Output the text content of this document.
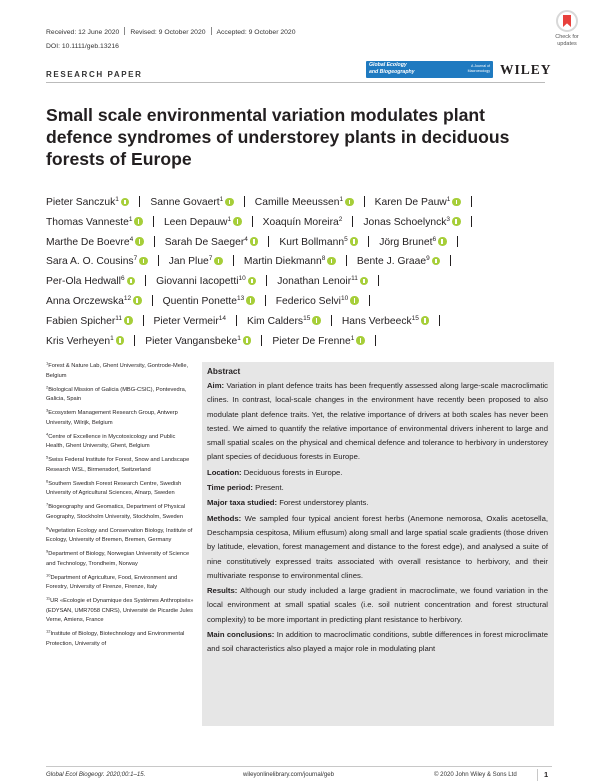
Received: 12 June 2020 Revised: 9 October 2020 Accepted: 9 October 2020
DOI: 10.1111/geb.13216
Check for
updates
RESEARCH PAPER
Global Ecology
and Biogeography
A Journal of
Macroecology WILEY
Small scale environmental variation modulates plant defence syndromes of understorey plants in deciduous forests of Europe
Pieter Sanczuk$^1$	Sanne Govaert$^1$	Camille Meeussen$^1$	Karen De Pauw$^1$
Thomas Vanneste$^1$	Leen Depauw$^1$	Xoaquín Moreira$^2$ Jonas Schoelynck$^3$
Marthe De Boevre$^4$	Sarah De Saeger$^4$	Kurt Bollmann$^5$	Jörg Brunet$^6$
Sara A. O. Cousins$^7$	Jan Plue$^7$	Martin Diekmann$^8$	Bente J. Graae$^9$
Per-Ola Hedwall$^6$	Giovanni Iacopetti$^{10}$	Jonathan Lenoir$^{11}$
Anna Orczewska$^{12}$	Quentin Ponette$^{13}$	Federico Selvi$^{10}$
Fabien Spicher$^{11}$	Pieter Vermeir$^{14}$ Kim Calders$^{15}$	Hans Verbeeck$^{15}$
Kris Verheyen$^1$	Pieter Vangansbeke$^1$	Pieter De Frenne$^1$
$^1$Forest & Nature Lab, Ghent University, Gontrode-Melle, Belgium
$^2$Biological Mission of Galicia (MBG-CSIC), Pontevedra, Galicia, Spain
$^3$Ecosystem Management Research Group, Antwerp University, Wilrijk, Belgium
$^4$Centre of Excellence in Mycotoxicology and Public Health, Ghent University, Ghent, Belgium
$^5$Swiss Federal Institute for Forest, Snow and Landscape Research WSL, Birmensdorf, Switzerland
$^6$Southern Swedish Forest Research Centre, Swedish University of Agricultural Sciences, Alnarp, Sweden
$^7$Biogeography and Geomatics, Department of Physical Geography, Stockholm University, Stockholm, Sweden
$^8$Vegetation Ecology and Conservation Biology, Institute of Ecology, University of Bremen, Bremen, Germany
$^9$Department of Biology, Norwegian University of Science and Technology, Trondheim, Norway
$^{10}$Department of Agriculture, Food, Environment and Forestry, University of Firenze, Firenze, Italy
$^{11}$UR «Ecologie et Dynamique des Systèmes Anthropisés» (EDYSAN, UMR7058 CNRS), Université de Picardie Jules Verne, Amiens, France
$^{12}$Institute of Biology, Biotechnology and Environmental Protection, University of
Abstract
Aim: Variation in plant defence traits has been frequently assessed along large-scale macroclimatic clines. In contrast, local-scale changes in the environment have recently been proposed to also modulate plant defence traits. Yet, the relative importance of drivers at both scales has never been tested. We aimed to quantify the relative importance of environmental drivers inherent to large and small spatial scales on the physical and chemical defence and tolerance to herbivory in understorey plant species of deciduous forests in Europe.
Location: Deciduous forests in Europe.
Time period: Present.
Major taxa studied: Forest understorey plants.
Methods: We sampled four typical ancient forest herbs (Anemone nemorosa, Oxalis acetosella, Deschampsia cespitosa, Milium effusum) along small and large spatial scale gradients (those driven by latitude, elevation, forest management and distance to the forest edge), and analysed a suite of nine constitutively expressed traits associated with overall resistance to herbivory, and their multivariate response to environmental clines.
Results: Although our study included a large gradient in macroclimate, we found variation in the local environment at small spatial scales (i.e. soil nutrient concentration and forest structural complexity) to be more important in predicting plant resistance to herbivory.
Main conclusions: In addition to macroclimatic conditions, subtle differences in forest microclimate and soil characteristics also played a major role in modulating plant
Global Ecol Biogeogr. 2020;00:1–15.	wileyonlinelibrary.com/journal/geb	© 2020 John Wiley & Sons Ltd	1
